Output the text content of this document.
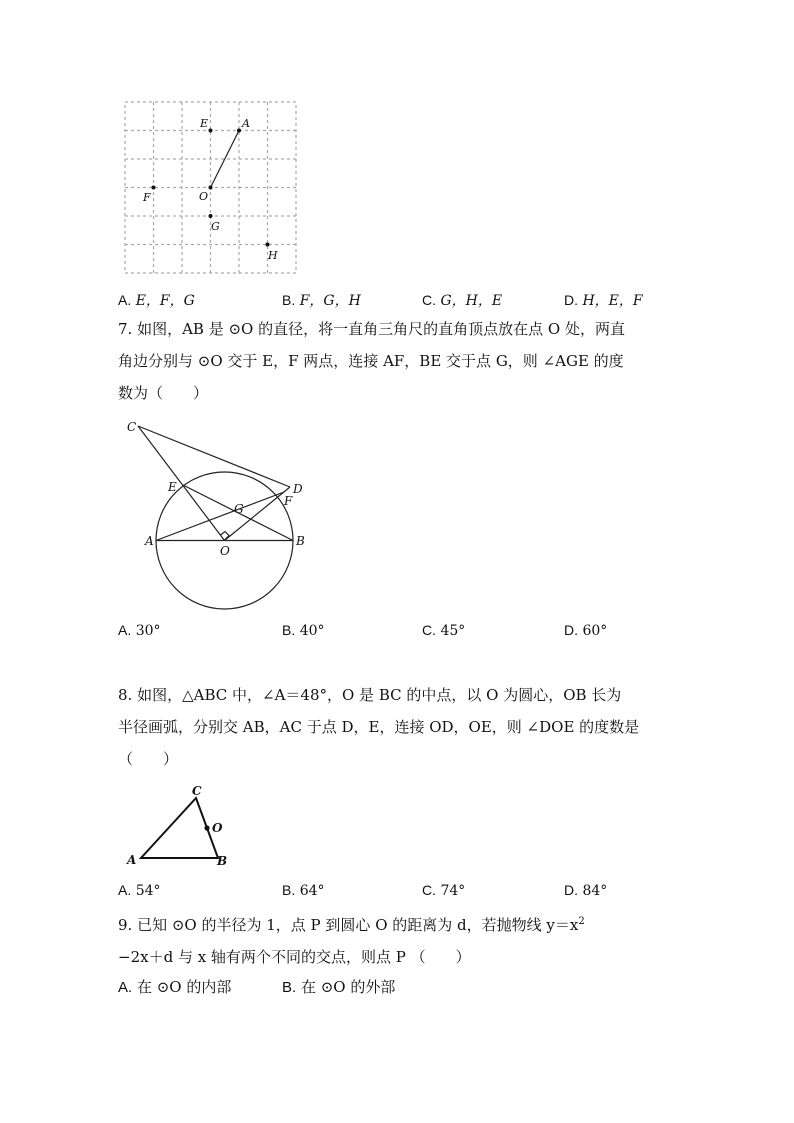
E	A
F	O
G
H
A. E，F，G	B. F，G，H	C. G，H，E	D. H，E，F
7. 如图，AB 是 ⊙O 的直径，将一直角三角尺的直角顶点放在点 O 处，两直
角边分别与 ⊙O 交于 E，F 两点，连接 AF，BE 交于点 G，则 ∠AGE 的度
数为（　　）
C
D
E
F
G
A	B
O
A. 30°	B. 40°	C. 45°	D. 60°
8. 如图，△ABC 中，∠A＝48°，O 是 BC 的中点，以 O 为圆心，OB 长为
半径画弧，分别交 AB，AC 于点 D，E，连接 OD，OE，则 ∠DOE 的度数是
（　　）
C
O
A	B
A. 54°	B. 64°	C. 74°	D. 84°
9. 已知 ⊙O 的半径为 1，点 P 到圆心 O 的距离为 d，若抛物线 $y=x^2$
−2x＋d 与 x 轴有两个不同的交点，则点 P （　　）
A. 在 ⊙O 的内部	B. 在 ⊙O 的外部
